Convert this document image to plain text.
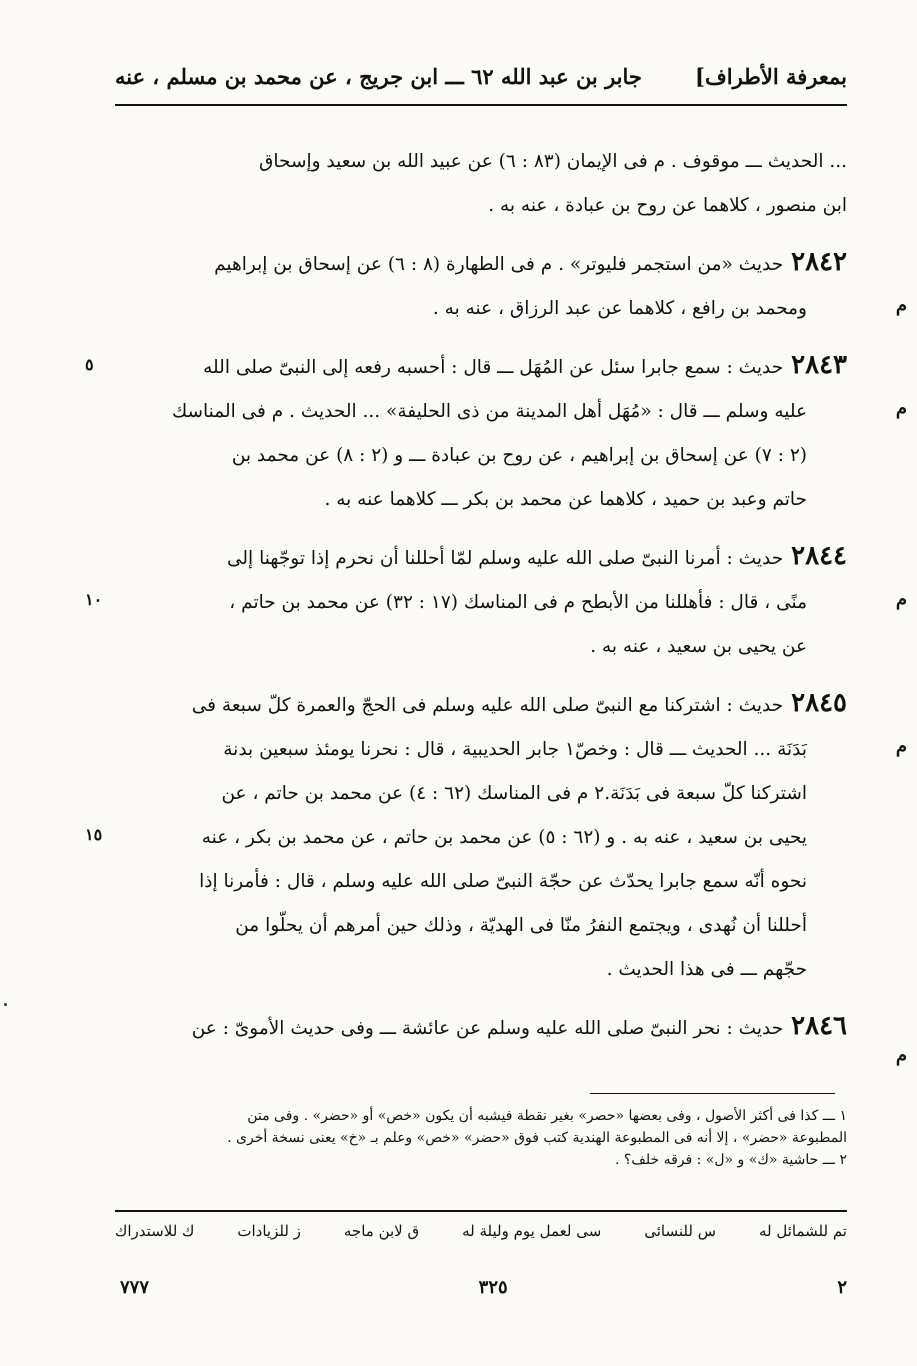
بمعرفة الأطراف]
جابر بن عبد الله ٦٢ ـــ ابن جريج ، عن محمد بن مسلم ، عنه
... الحديث ـــ موقوف . م فى الإيمان (٨٣ : ٦) عن عبيد الله بن سعيد وإسحاق
ابن منصور ، كلاهما عن روح بن عبادة ، عنه به .
م
٢٨٤٢حديث «من استجمر فليوتر» . م فى الطهارة (٨ : ٦) عن إسحاق بن إبراهيم
ومحمد بن رافع ، كلاهما عن عبد الرزاق ، عنه به .
م
٥	٢٨٤٣حديث : سمع جابرا سئل عن المُهَل ـــ قال : أحسبه رفعه إلى النبىّ صلى الله
عليه وسلم ـــ قال : «مُهَل أهل المدينة من ذى الحليفة» ... الحديث . م فى المناسك
(٢ : ٧) عن إسحاق بن إبراهيم ، عن روح بن عبادة ـــ و (٢ : ٨) عن محمد بن
حاتم وعبد بن حميد ، كلاهما عن محمد بن بكر ـــ كلاهما عنه به .
م
١٠
٢٨٤٤حديث : أمرنا النبىّ صلى الله عليه وسلم لمّا أحللنا أن نحرم إذا توجّهنا إلى
منًى ، قال : فأهللنا من الأبطح م فى المناسك (١٧ : ٣٢) عن محمد بن حاتم ،
عن يحيى بن سعيد ، عنه به .
م
١٥
٢٨٤٥حديث : اشتركنا مع النبىّ صلى الله عليه وسلم فى الحجّ والعمرة كلّ سبعة فى
بَدَنَة ... الحديث ـــ قال : وخصّ١ جابر الحديبية ، قال : نحرنا يومئذ سبعين بدنة
اشتركنا كلّ سبعة فى بَدَنَة.٢ م فى المناسك (٦٢ : ٤) عن محمد بن حاتم ، عن
يحيى بن سعيد ، عنه به . و (٦٢ : ٥) عن محمد بن حاتم ، عن محمد بن بكر ، عنه
نحوه أنّه سمع جابرا يحدّث عن حجّة النبىّ صلى الله عليه وسلم ، قال : فأمرنا إذا
أحللنا أن نُهدى ، ويجتمع النفرُ منّا فى الهديّة ، وذلك حين أمرهم أن يحلّوا من
حجّهم ـــ فى هذا الحديث .
م
٢٨٤٦حديث : نحر النبىّ صلى الله عليه وسلم عن عائشة ـــ وفى حديث الأموىّ : عن
١ ـــ كذا فى أكثر الأصول ، وفى بعضها «حصر» بغير نقطة فيشبه أن يكون «خص» أو «حضر» . وفى متن
المطبوعة «حضر» ، إلا أنه فى المطبوعة الهندية كتب فوق «حضر» «خص» وعلم بـ «خ» يعنى نسخة أخرى .
٢ ـــ حاشية «ك» و «ل» : فرقه خلف؟ .
تم للشمائل له
س للنسائى
سى لعمل يوم وليلة له
ق لابن ماجه
ز للزيادات
ك للاستدراك
٢
٣٢٥
٧٧٧
